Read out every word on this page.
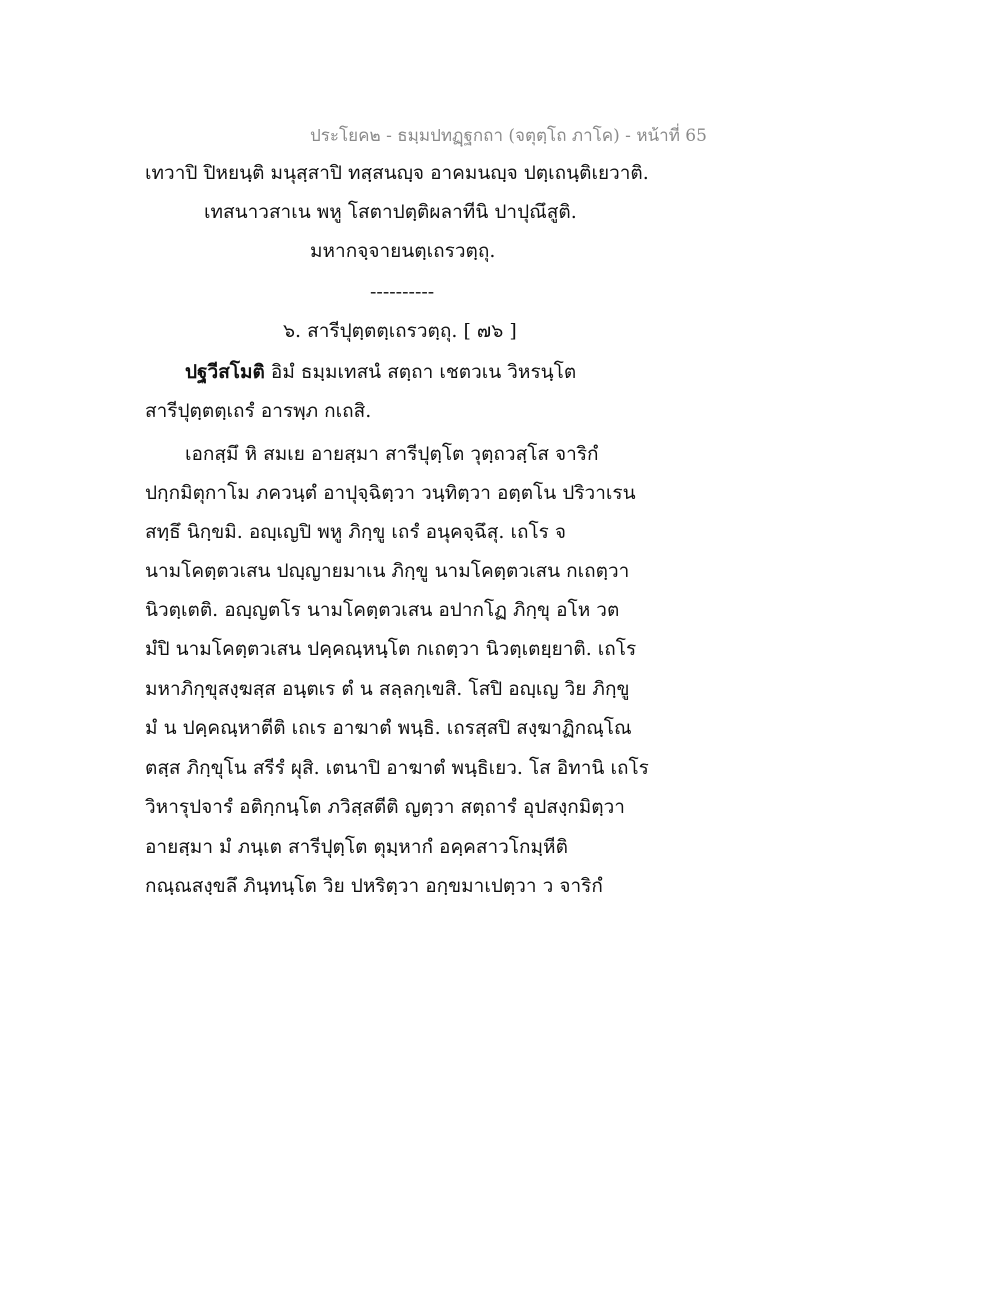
ประโยค๒ - ธมฺมปทฏฺฐกถา (จตุตฺโถ ภาโค) - หน้าที่ 65
เทวาปิ ปิหยนฺติ มนุสฺสาปิ ทสฺสนญฺจ อาคมนญฺจ ปตฺเถนฺติเยวาติ.
เทสนาวสาเน พหู โสตาปตฺติผลาทีนิ ปาปุณึสูติ.
มหากจฺจายนตฺเถรวตฺถุ.
----------
๖. สารีปุตฺตตฺเถรวตฺถุ. [ ๗๖ ]
ปฐวีสโมติ อิมํ ธมฺมเทสนํ สตฺถา เชตวเน วิหรนฺโต
สารีปุตฺตตฺเถรํ อารพฺภ กเถสิ.
เอกสฺมึ หิ สมเย อายสฺมา สารีปุตฺโต วุตฺถวสฺโส จาริกํ
ปกฺกมิตุกาโม ภควนฺตํ อาปุจฺฉิตฺวา วนฺทิตฺวา อตฺตโน ปริวาเรน
สทฺธึ นิกฺขมิ. อญฺเญปิ พหู ภิกฺขู เถรํ อนุคจฺฉึสุ. เถโร จ
นามโคตฺตวเสน ปญฺญายมาเน ภิกฺขู นามโคตฺตวเสน กเถตฺวา
นิวตฺเตติ. อญฺญตโร นามโคตฺตวเสน อปากโฏ ภิกฺขุ อโห วต
มํปิ นามโคตฺตวเสน ปคฺคณฺหนฺโต กเถตฺวา นิวตฺเตยฺยาติ. เถโร
มหาภิกฺขุสงฺฆสฺส อนฺตเร ตํ น สลฺลกฺเขสิ. โสปิ อญฺเญ วิย ภิกฺขู
มํ น ปคฺคณฺหาตีติ เถเร อาฆาตํ พนฺธิ. เถรสฺสปิ สงฺฆาฏิกณฺโณ
ตสฺส ภิกฺขุโน สรีรํ ผุสิ. เตนาปิ อาฆาตํ พนฺธิเยว. โส อิทานิ เถโร
วิหารุปจารํ อติกฺกนฺโต ภวิสฺสตีติ ญตฺวา สตฺถารํ อุปสงฺกมิตฺวา
อายสฺมา มํ ภนฺเต สารีปุตฺโต ตุมฺหากํ อคฺคสาวโกมฺหีติ
กณฺณสงฺขลึ ภินฺทนฺโต วิย ปหริตฺวา อกฺขมาเปตฺวา ว จาริกํ
